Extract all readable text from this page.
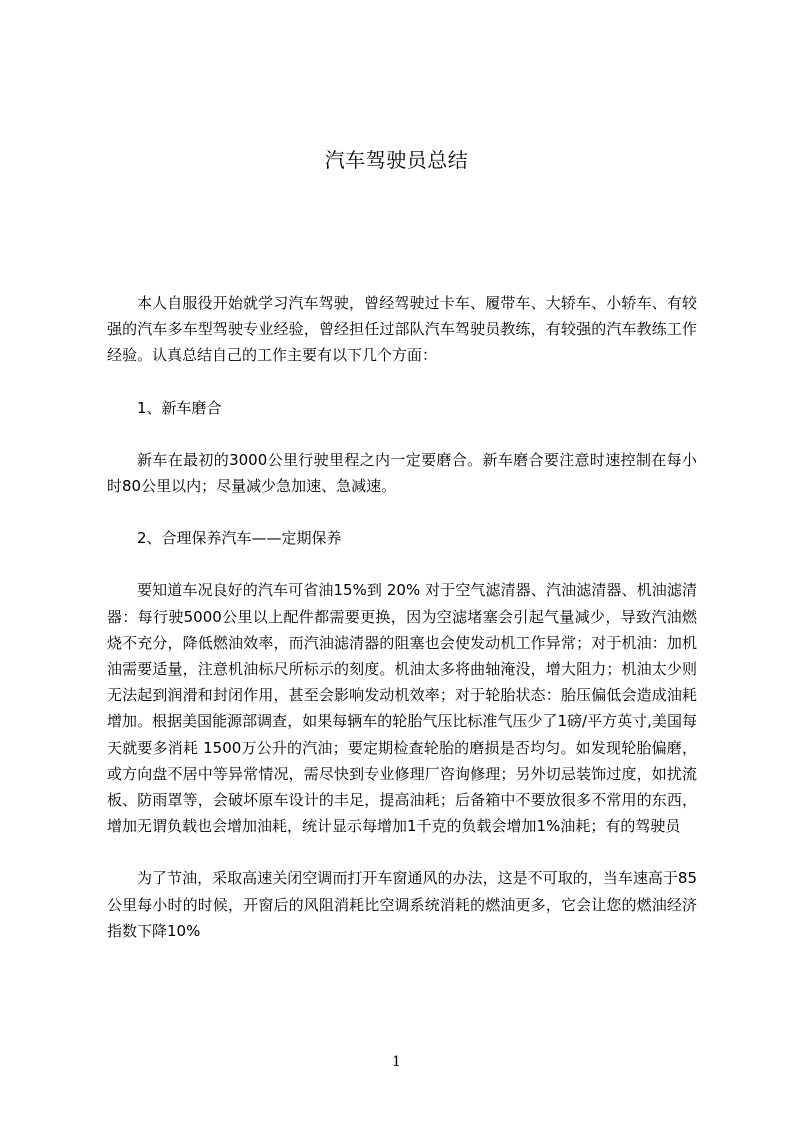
汽车驾驶员总结

本人自服役开始就学习汽车驾驶，曾经驾驶过卡车、履带车、大轿车、小轿车、有较强的汽车多车型驾驶专业经验，曾经担任过部队汽车驾驶员教练，有较强的汽车教练工作经验。认真总结自己的工作主要有以下几个方面：

1、新车磨合

新车在最初的3000公里行驶里程之内一定要磨合。新车磨合要注意时速控制在每小时80公里以内；尽量减少急加速、急减速。

2、合理保养汽车——定期保养

要知道车况良好的汽车可省油15%到 20% 对于空气滤清器、汽油滤清器、机油滤清器：每行驶5000公里以上配件都需要更换，因为空滤堵塞会引起气量减少，导致汽油燃烧不充分，降低燃油效率，而汽油滤清器的阻塞也会使发动机工作异常；对于机油：加机油需要适量，注意机油标尺所标示的刻度。机油太多将曲轴淹没，增大阻力；机油太少则无法起到润滑和封闭作用，甚至会影响发动机效率；对于轮胎状态：胎压偏低会造成油耗增加。根据美国能源部调查，如果每辆车的轮胎气压比标准气压少了1磅/平方英寸,美国每天就要多消耗 1500万公升的汽油；要定期检查轮胎的磨损是否均匀。如发现轮胎偏磨，或方向盘不居中等异常情况，需尽快到专业修理厂咨询修理；另外切忌装饰过度，如扰流板、防雨罩等，会破坏原车设计的丰足，提高油耗；后备箱中不要放很多不常用的东西，增加无谓负载也会增加油耗，统计显示每增加1千克的负载会增加1%油耗；有的驾驶员

为了节油，采取高速关闭空调而打开车窗通风的办法，这是不可取的，当车速高于85公里每小时的时候，开窗后的风阻消耗比空调系统消耗的燃油更多，它会让您的燃油经济指数下降10%

1
